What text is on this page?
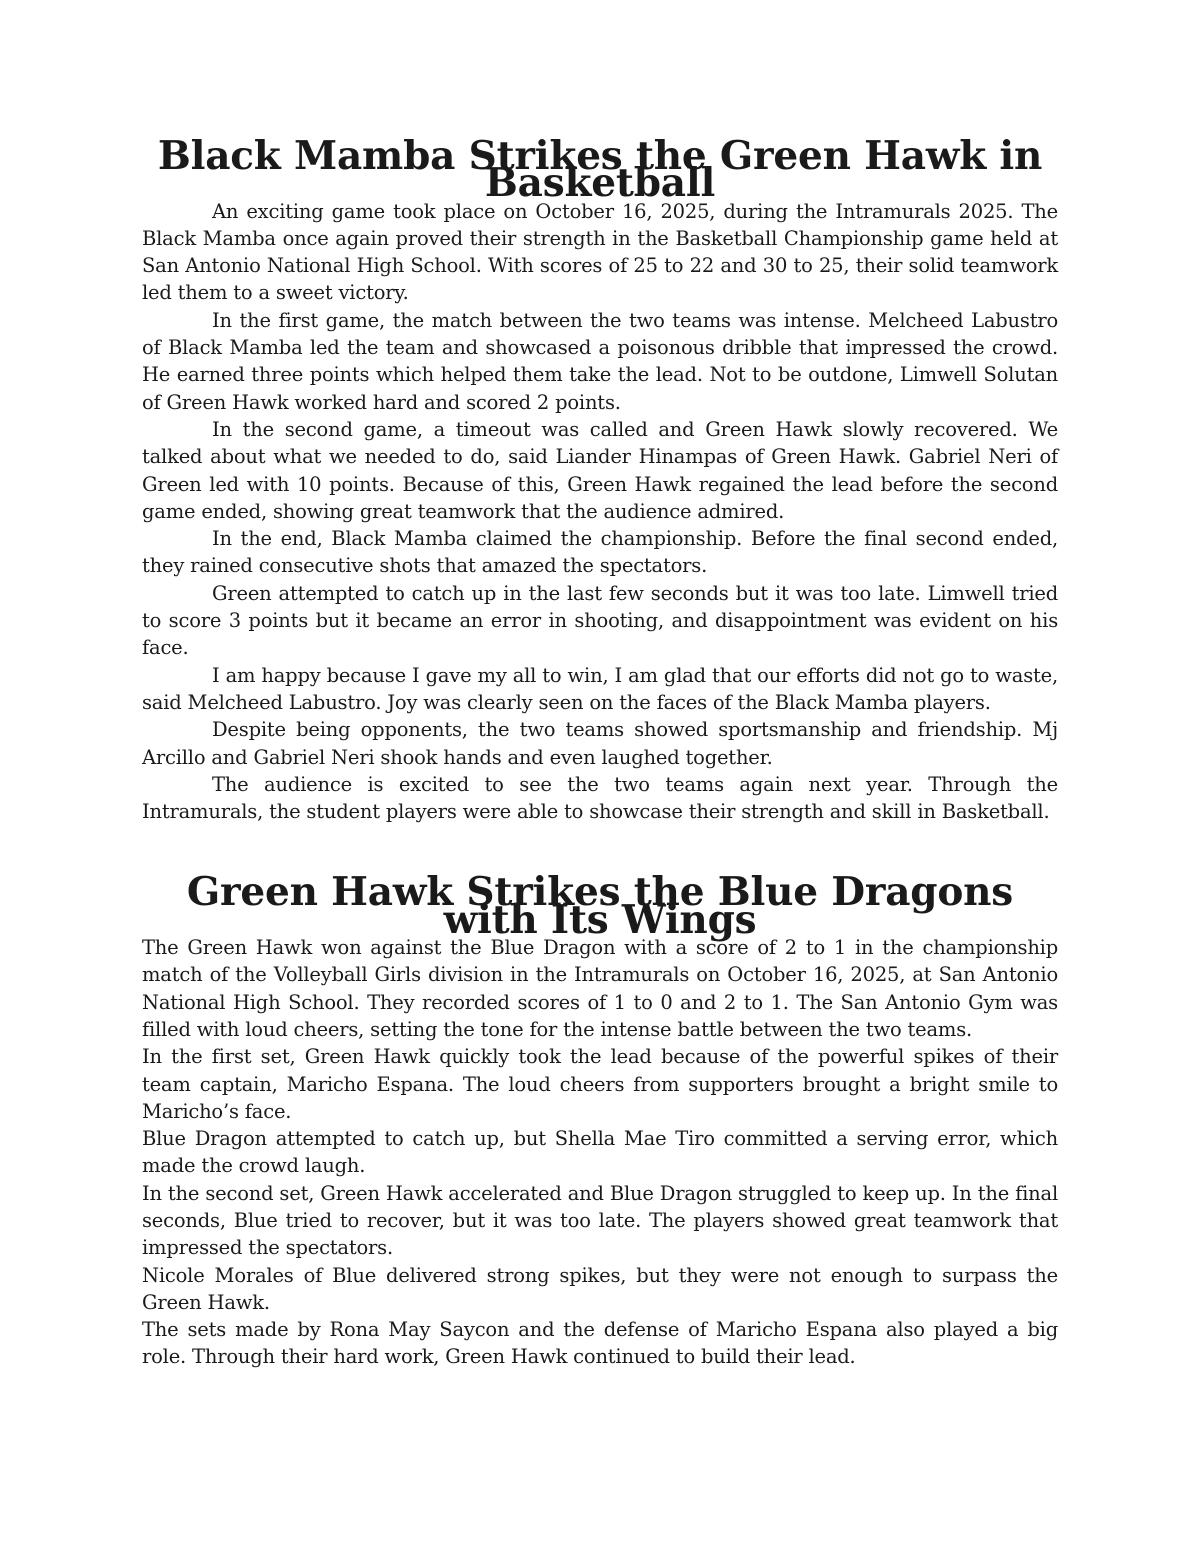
Black Mamba Strikes the Green Hawk in Basketball

An exciting game took place on October 16, 2025, during the Intramurals 2025. The Black Mamba once again proved their strength in the Basketball Championship game held at San Antonio National High School. With scores of 25 to 22 and 30 to 25, their solid teamwork led them to a sweet victory.

In the first game, the match between the two teams was intense. Melcheed Labustro of Black Mamba led the team and showcased a poisonous dribble that impressed the crowd. He earned three points which helped them take the lead. Not to be outdone, Limwell Solutan of Green Hawk worked hard and scored 2 points.

In the second game, a timeout was called and Green Hawk slowly recovered. We talked about what we needed to do, said Liander Hinampas of Green Hawk. Gabriel Neri of Green led with 10 points. Because of this, Green Hawk regained the lead before the second game ended, showing great teamwork that the audience admired.

In the end, Black Mamba claimed the championship. Before the final second ended, they rained consecutive shots that amazed the spectators.

Green attempted to catch up in the last few seconds but it was too late. Limwell tried to score 3 points but it became an error in shooting, and disappointment was evident on his face.

I am happy because I gave my all to win, I am glad that our efforts did not go to waste, said Melcheed Labustro. Joy was clearly seen on the faces of the Black Mamba players.

Despite being opponents, the two teams showed sportsmanship and friendship. Mj Arcillo and Gabriel Neri shook hands and even laughed together.

The audience is excited to see the two teams again next year. Through the Intramurals, the student players were able to showcase their strength and skill in Basketball.

Green Hawk Strikes the Blue Dragons with Its Wings

The Green Hawk won against the Blue Dragon with a score of 2 to 1 in the championship match of the Volleyball Girls division in the Intramurals on October 16, 2025, at San Antonio National High School. They recorded scores of 1 to 0 and 2 to 1. The San Antonio Gym was filled with loud cheers, setting the tone for the intense battle between the two teams.

In the first set, Green Hawk quickly took the lead because of the powerful spikes of their team captain, Maricho Espana. The loud cheers from supporters brought a bright smile to Maricho’s face.

Blue Dragon attempted to catch up, but Shella Mae Tiro committed a serving error, which made the crowd laugh.

In the second set, Green Hawk accelerated and Blue Dragon struggled to keep up. In the final seconds, Blue tried to recover, but it was too late. The players showed great teamwork that impressed the spectators.

Nicole Morales of Blue delivered strong spikes, but they were not enough to surpass the Green Hawk.

The sets made by Rona May Saycon and the defense of Maricho Espana also played a big role. Through their hard work, Green Hawk continued to build their lead.
